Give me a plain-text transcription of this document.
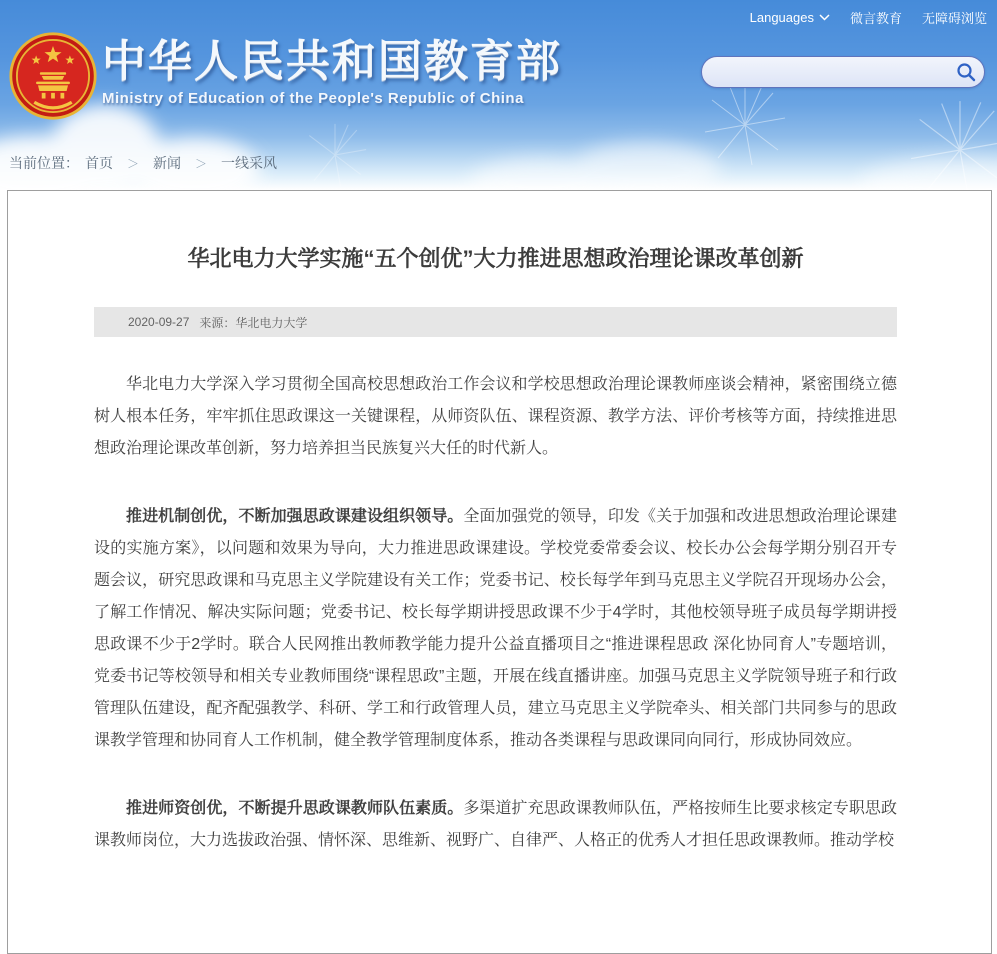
Languages	微言教育 无障碍浏览
中华人民共和国教育部
Ministry of Education of the People's Republic of China
当前位置： 首页 ＞ 新闻 ＞ 一线采风
华北电力大学实施“五个创优”大力推进思想政治理论课改革创新
2020-09-27 来源：华北电力大学

华北电力大学深入学习贯彻全国高校思想政治工作会议和学校思想政治理论课教师座谈会精神，紧密围绕立德树人根本任务，牢牢抓住思政课这一关键课程，从师资队伍、课程资源、教学方法、评价考核等方面，持续推进思想政治理论课改革创新，努力培养担当民族复兴大任的时代新人。

推进机制创优，不断加强思政课建设组织领导。全面加强党的领导，印发《关于加强和改进思想政治理论课建设的实施方案》，以问题和效果为导向，大力推进思政课建设。学校党委常委会议、校长办公会每学期分别召开专题会议，研究思政课和马克思主义学院建设有关工作；党委书记、校长每学年到马克思主义学院召开现场办公会，了解工作情况、解决实际问题；党委书记、校长每学期讲授思政课不少于4学时，其他校领导班子成员每学期讲授思政课不少于2学时。联合人民网推出教师教学能力提升公益直播项目之“推进课程思政 深化协同育人”专题培训，党委书记等校领导和相关专业教师围绕“课程思政”主题，开展在线直播讲座。加强马克思主义学院领导班子和行政管理队伍建设，配齐配强教学、科研、学工和行政管理人员，建立马克思主义学院牵头、相关部门共同参与的思政课教学管理和协同育人工作机制，健全教学管理制度体系，推动各类课程与思政课同向同行，形成协同效应。

推进师资创优，不断提升思政课教师队伍素质。多渠道扩充思政课教师队伍，严格按师生比要求核定专职思政课教师岗位，大力选拔政治强、情怀深、思维新、视野广、自律严、人格正的优秀人才担任思政课教师。推动学校
